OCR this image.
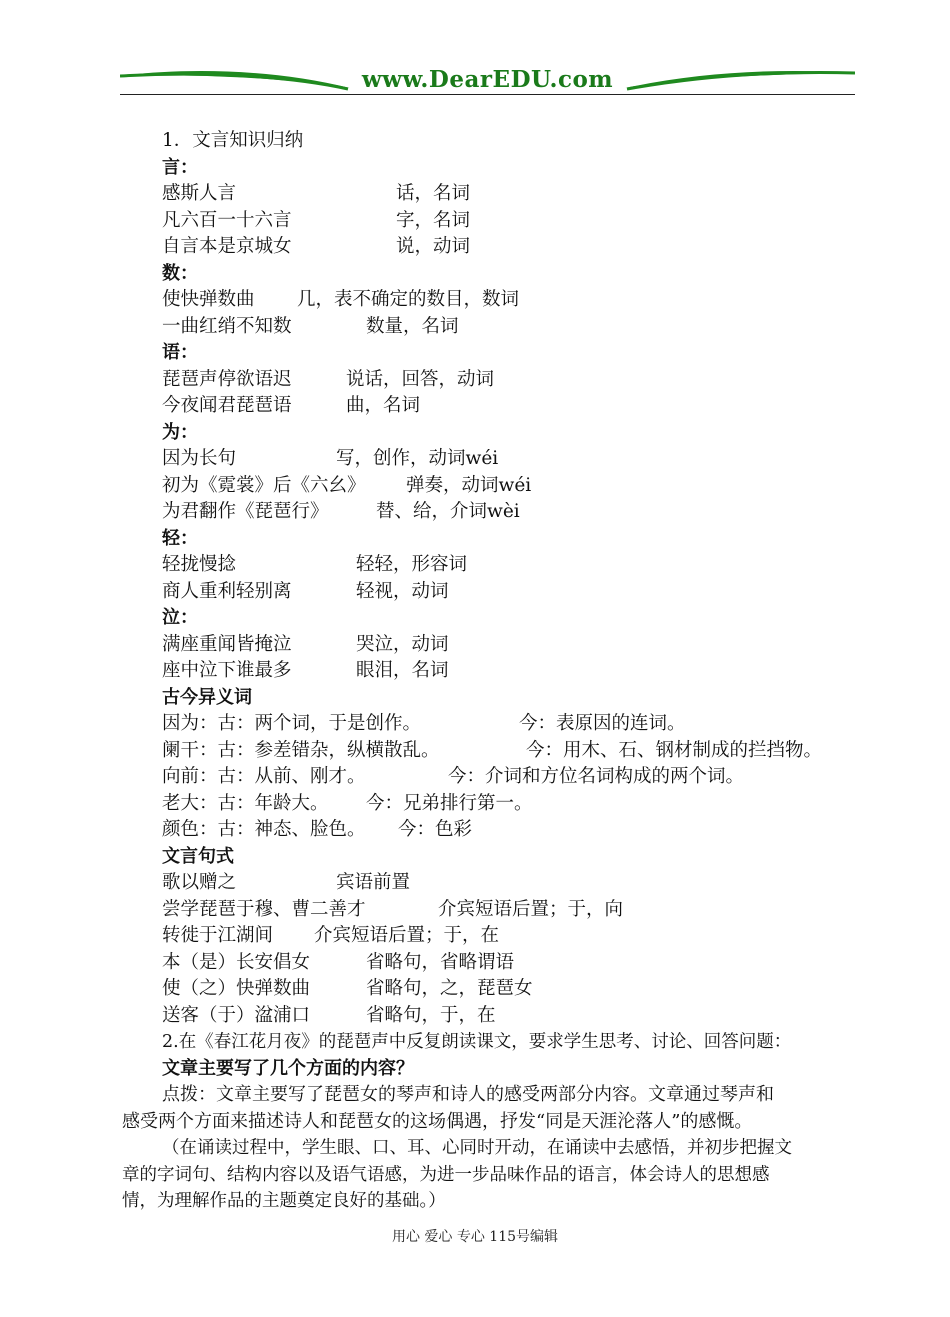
www.DearEDU.com
1．文言知识归纳
言：
感斯人言	话，名词
凡六百一十六言	字，名词
自言本是京城女	说，动词
数：
使快弹数曲 几，表不确定的数目，数词
一曲红绡不知数	数量，名词
语：
琵琶声停欲语迟	说话，回答，动词
今夜闻君琵琶语	曲，名词
为：
因为长句	写，创作，动词wéi
初为《霓裳》后《六幺》 弹奏，动词wéi
为君翻作《琵琶行》	替、给，介词wèi
轻：
轻拢慢捻	轻轻，形容词
商人重利轻别离	轻视，动词
泣：
满座重闻皆掩泣	哭泣，动词
座中泣下谁最多	眼泪，名词
古今异义词
因为：古：两个词，于是创作。	今：表原因的连词。
阑干：古：参差错杂，纵横散乱。	今：用木、石、钢材制成的拦挡物。
向前：古：从前、刚才。	今：介词和方位名词构成的两个词。
老大：古：年龄大。 今：兄弟排行第一。
颜色：古：神态、脸色。 今：色彩
文言句式
歌以赠之	宾语前置
尝学琵琶于穆、曹二善才	介宾短语后置；于，向
转徙于江湖间 介宾短语后置；于，在
本（是）长安倡女	省略句，省略谓语
使（之）快弹数曲	省略句，之，琵琶女
送客（于）湓浦口	省略句，于，在
2.在《春江花月夜》的琵琶声中反复朗读课文，要求学生思考、讨论、回答问题：
文章主要写了几个方面的内容？
点拨：文章主要写了琵琶女的琴声和诗人的感受两部分内容。文章通过琴声和
感受两个方面来描述诗人和琵琶女的这场偶遇，抒发“同是天涯沦落人”的感慨。
（在诵读过程中，学生眼、口、耳、心同时开动，在诵读中去感悟，并初步把握文
章的字词句、结构内容以及语气语感，为进一步品味作品的语言，体会诗人的思想感
情，为理解作品的主题奠定良好的基础。）
用心 爱心 专心 115号编辑
